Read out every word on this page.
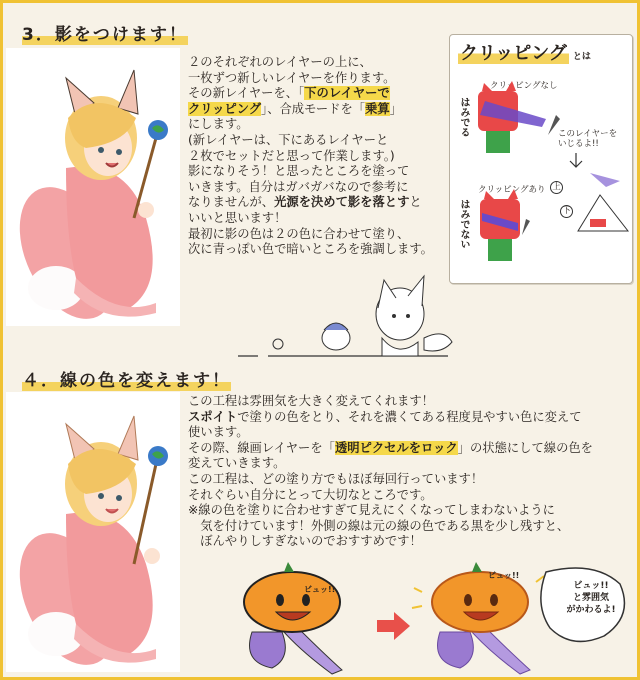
3．影をつけます！
２のそれぞれのレイヤーの上に、
一枚ずつ新しいレイヤーを作ります。
その新レイヤーを、「下のレイヤーで
クリッピング」、合成モードを「乗算」
にします。
(新レイヤーは、下にあるレイヤーと
２枚でセットだと思って作業します。)
影になりそう！と思ったところを塗って
いきます。自分はガバガバなので参考に
なりませんが、光源を決めて影を落とすと
いいと思います！
最初に影の色は２の色に合わせて塗り、
次に青っぽい色で暗いところを強調します。
クリッピング とは
クリッピングなし
はみでる	このレイヤーをいじるよ!!
クリッピングあり
はみでない
上
下
４．線の色を変えます！
この工程は雰囲気を大きく変えてくれます！
スポイトで塗りの色をとり、それを濃くてある程度見やすい色に変えて
使います。
その際、線画レイヤーを「透明ピクセルをロック」の状態にして線の色を
変えていきます。
この工程は、どの塗り方でもほぼ毎回行っています！
それぐらい自分にとって大切なところです。
※線の色を塗りに合わせすぎて見えにくくなってしまわないように
　気を付けています！外側の線は元の線の色である黒を少し残すと、
　ぼんやりしすぎないのでおすすめです！
ビュッ!!
ビュッ!!
ビュッ!!
と雰囲気
がかわるよ!
